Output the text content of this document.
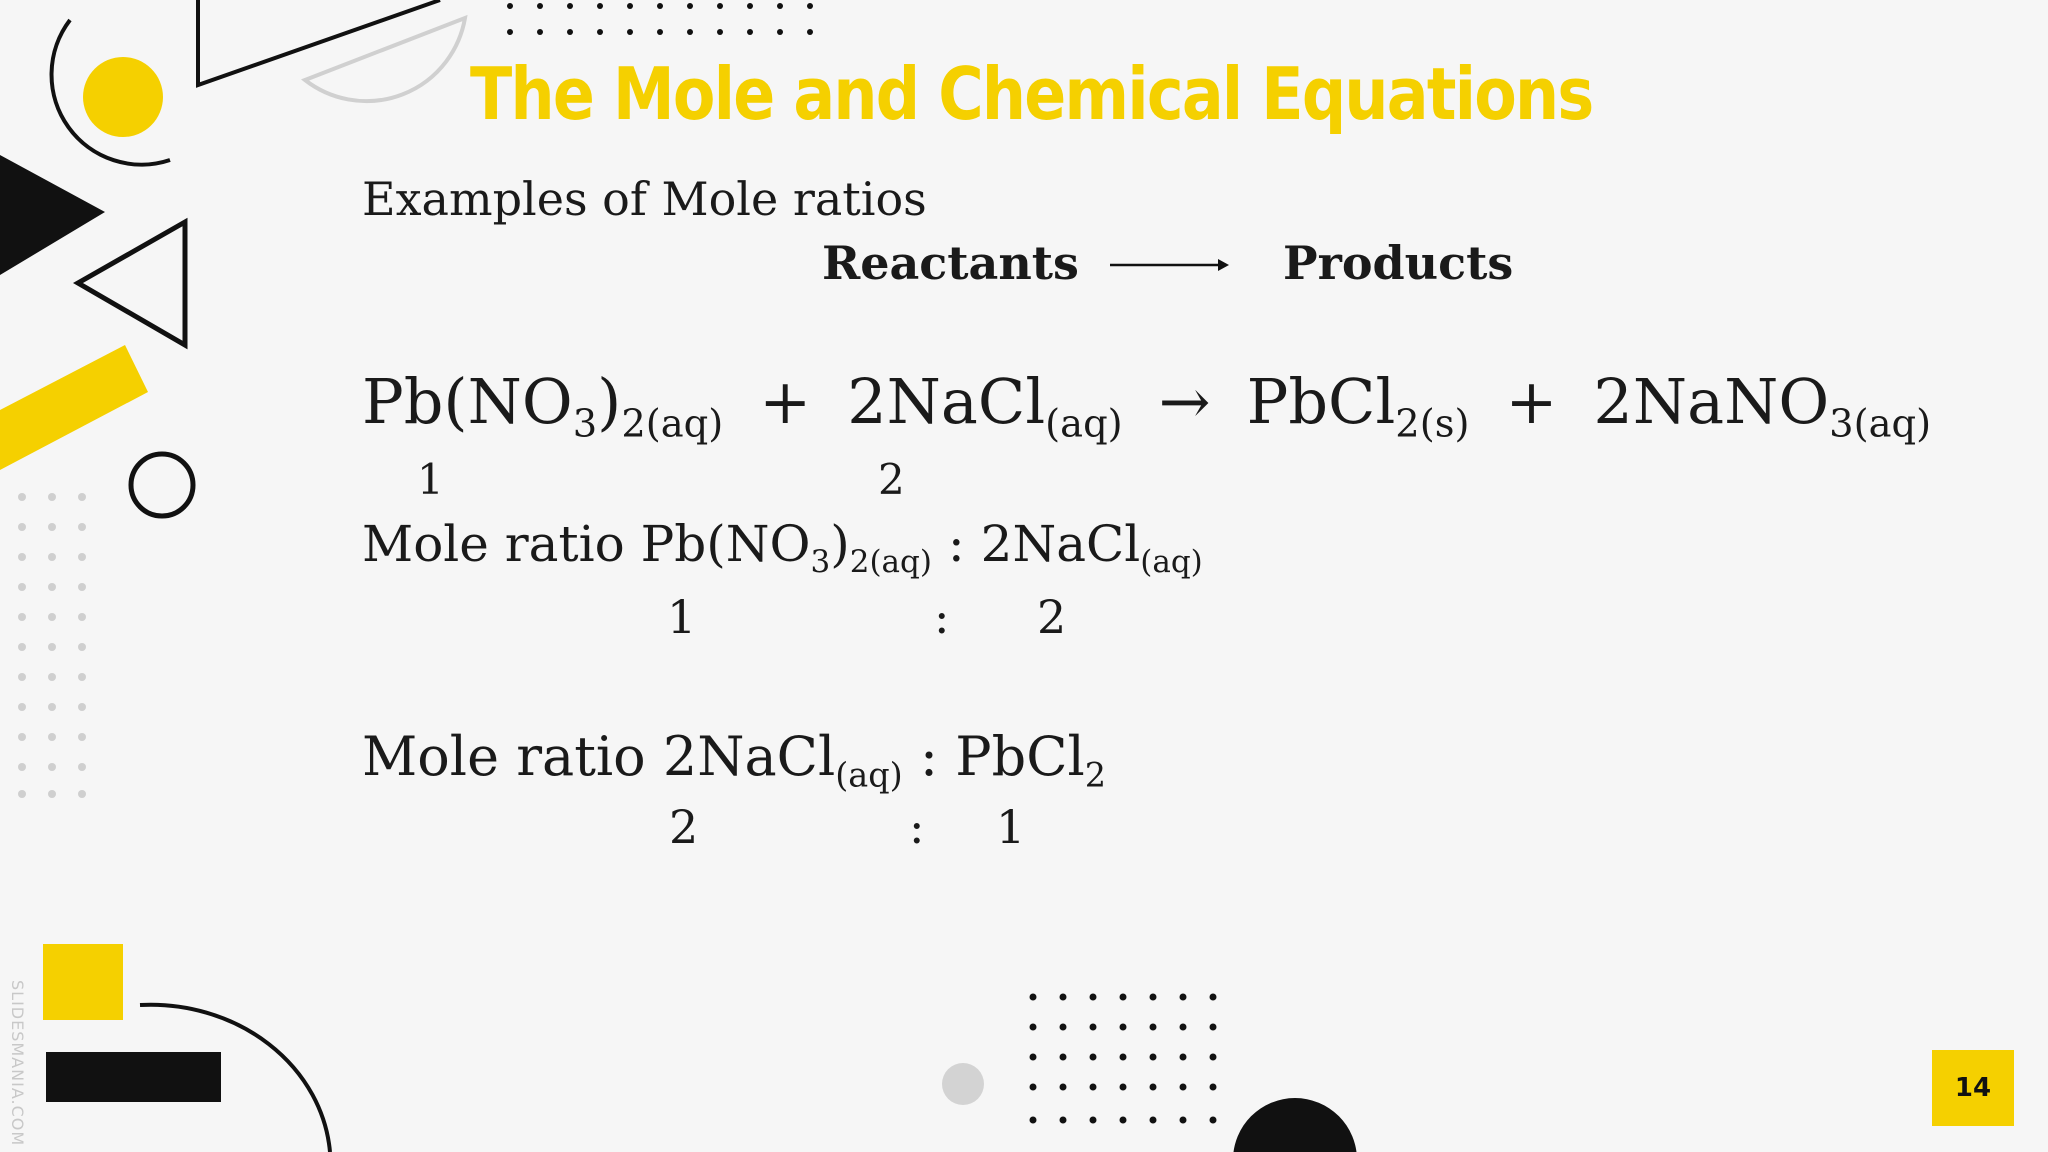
The Mole and Chemical Equations
Examples of Mole ratios
Reactants	Products
$Pb(NO_3)_{2(aq)}$ + 2NaCl$_{(aq)}$ → PbCl$_{2(s)}$ + 2NaNO$_{3(aq)}$
1	2
Mole ratio $Pb(NO_3)_{2(aq)}$ : 2NaCl$_{(aq)}$
1	: 2
Mole ratio 2NaCl$_{(aq)}$ : PbCl$_2$
2	: 1
14
SLIDESMANIA.COM
